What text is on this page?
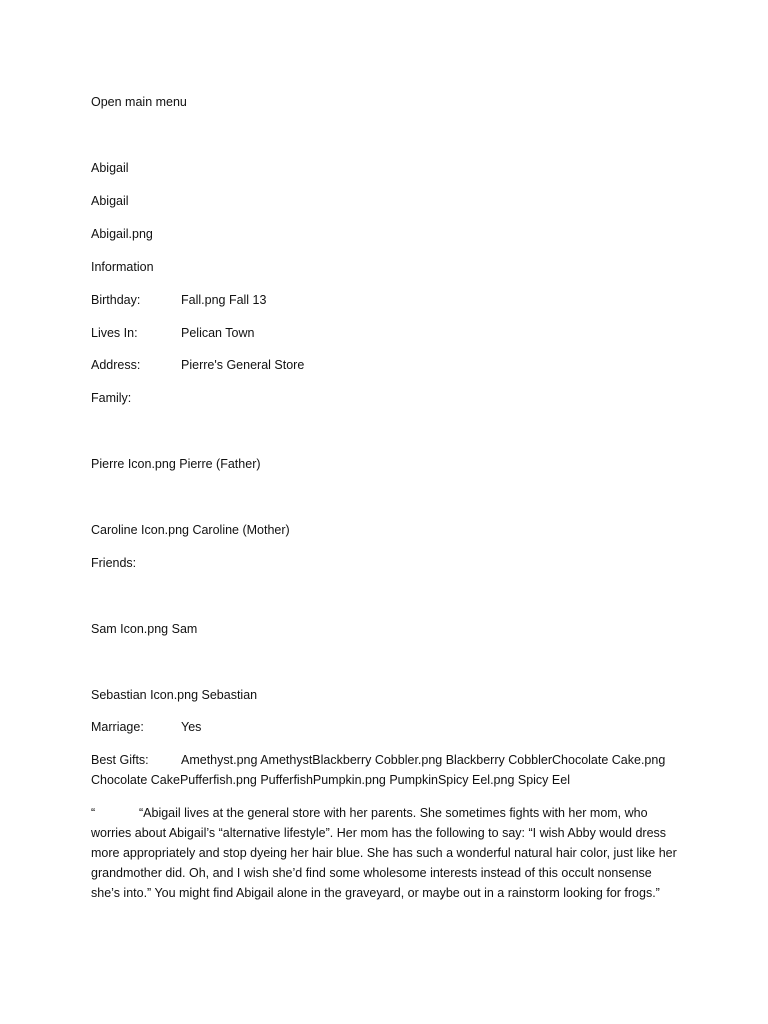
Open main menu
Abigail
Abigail
Abigail.png
Information
Birthday:	Fall.png Fall 13
Lives In:	Pelican Town
Address:	Pierre's General Store
Family:
Pierre Icon.png Pierre (Father)
Caroline Icon.png Caroline (Mother)
Friends:
Sam Icon.png Sam
Sebastian Icon.png Sebastian
Marriage:	Yes
Best Gifts:	Amethyst.png AmethystBlackberry Cobbler.png Blackberry CobblerChocolate Cake.png
Chocolate CakePufferfish.png PufferfishPumpkin.png PumpkinSpicy Eel.png Spicy Eel
“	“Abigail lives at the general store with her parents. She sometimes fights with her mom, who worries about Abigail’s “alternative lifestyle”. Her mom has the following to say: “I wish Abby would dress more appropriately and stop dyeing her hair blue. She has such a wonderful natural hair color, just like her grandmother did. Oh, and I wish she’d find some wholesome interests instead of this occult nonsense she’s into.” You might find Abigail alone in the graveyard, or maybe out in a rainstorm looking for frogs.”
